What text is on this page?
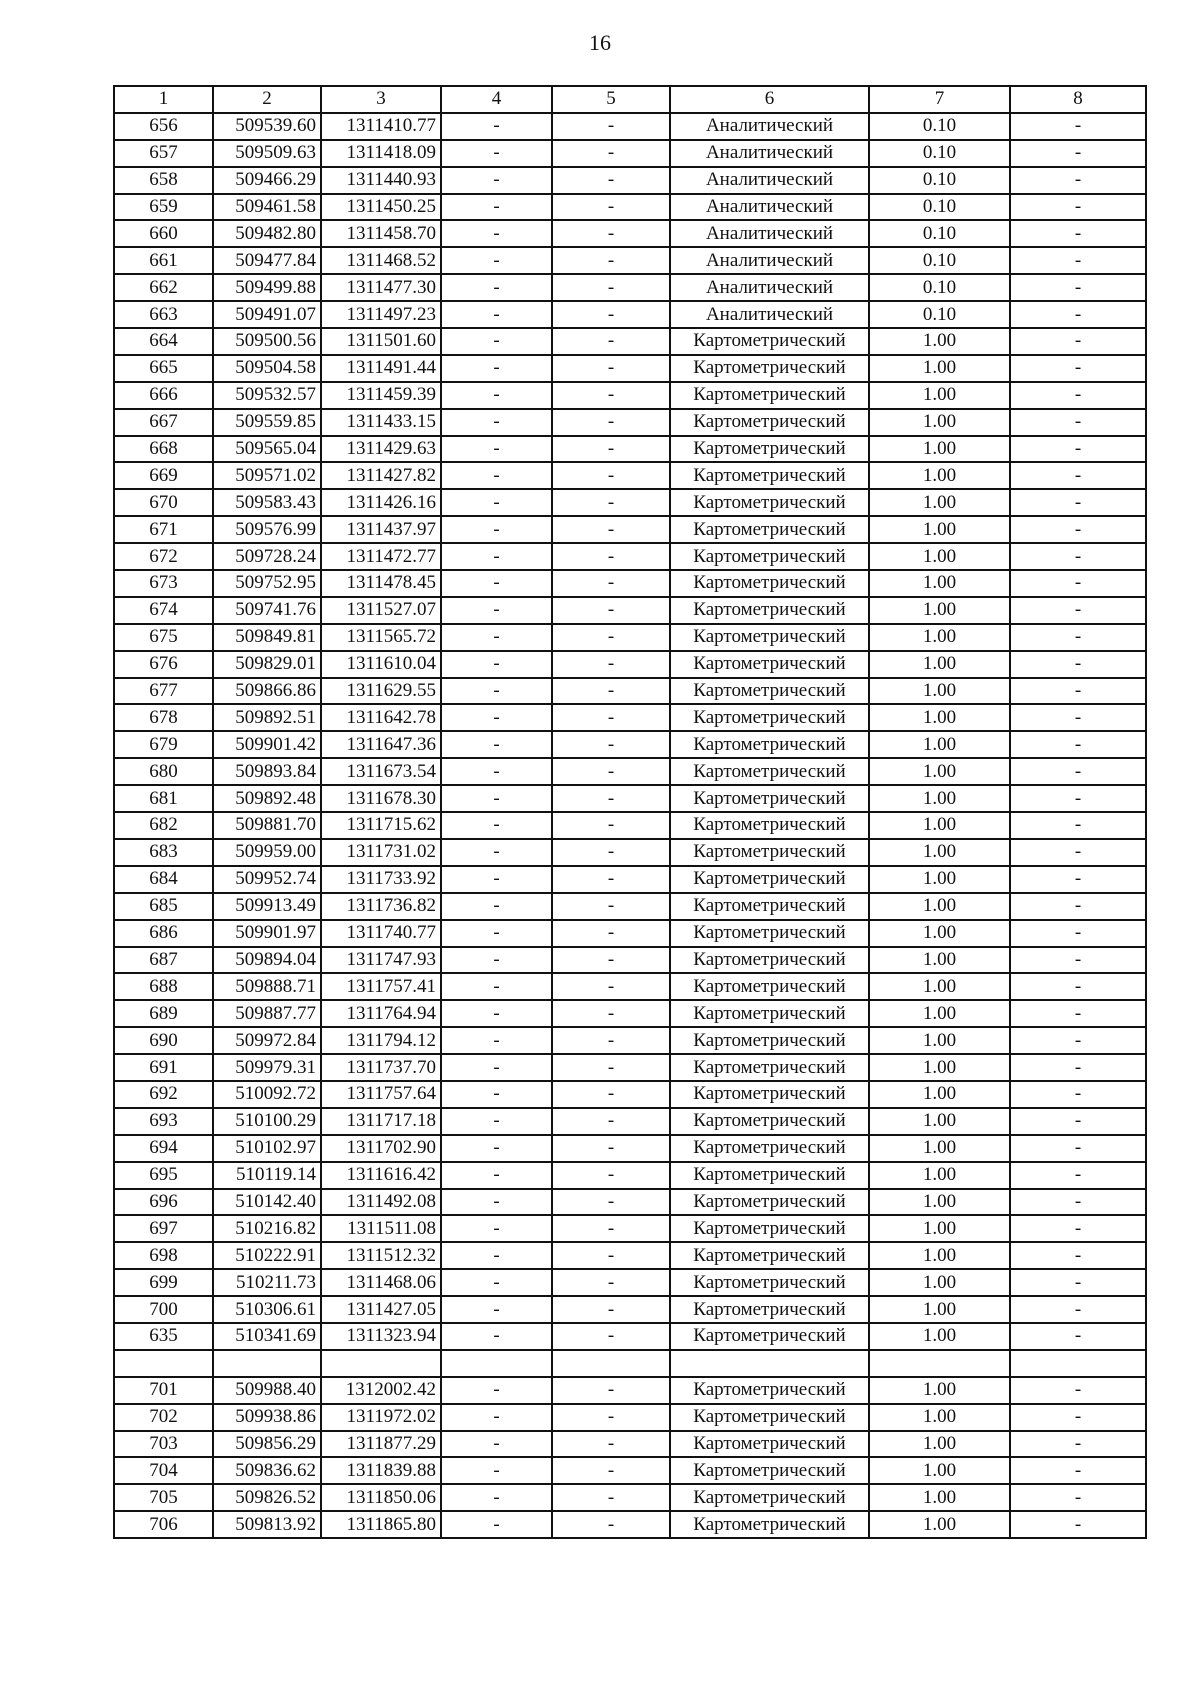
16
1	2	3	4	5	6	7	8
656	509539.60	1311410.77	-	-	Аналитический	0.10	-
657	509509.63	1311418.09	-	-	Аналитический	0.10	-
658	509466.29	1311440.93	-	-	Аналитический	0.10	-
659	509461.58	1311450.25	-	-	Аналитический	0.10	-
660	509482.80	1311458.70	-	-	Аналитический	0.10	-
661	509477.84	1311468.52	-	-	Аналитический	0.10	-
662	509499.88	1311477.30	-	-	Аналитический	0.10	-
663	509491.07	1311497.23	-	-	Аналитический	0.10	-
664	509500.56	1311501.60	-	-	Картометрический	1.00	-
665	509504.58	1311491.44	-	-	Картометрический	1.00	-
666	509532.57	1311459.39	-	-	Картометрический	1.00	-
667	509559.85	1311433.15	-	-	Картометрический	1.00	-
668	509565.04	1311429.63	-	-	Картометрический	1.00	-
669	509571.02	1311427.82	-	-	Картометрический	1.00	-
670	509583.43	1311426.16	-	-	Картометрический	1.00	-
671	509576.99	1311437.97	-	-	Картометрический	1.00	-
672	509728.24	1311472.77	-	-	Картометрический	1.00	-
673	509752.95	1311478.45	-	-	Картометрический	1.00	-
674	509741.76	1311527.07	-	-	Картометрический	1.00	-
675	509849.81	1311565.72	-	-	Картометрический	1.00	-
676	509829.01	1311610.04	-	-	Картометрический	1.00	-
677	509866.86	1311629.55	-	-	Картометрический	1.00	-
678	509892.51	1311642.78	-	-	Картометрический	1.00	-
679	509901.42	1311647.36	-	-	Картометрический	1.00	-
680	509893.84	1311673.54	-	-	Картометрический	1.00	-
681	509892.48	1311678.30	-	-	Картометрический	1.00	-
682	509881.70	1311715.62	-	-	Картометрический	1.00	-
683	509959.00	1311731.02	-	-	Картометрический	1.00	-
684	509952.74	1311733.92	-	-	Картометрический	1.00	-
685	509913.49	1311736.82	-	-	Картометрический	1.00	-
686	509901.97	1311740.77	-	-	Картометрический	1.00	-
687	509894.04	1311747.93	-	-	Картометрический	1.00	-
688	509888.71	1311757.41	-	-	Картометрический	1.00	-
689	509887.77	1311764.94	-	-	Картометрический	1.00	-
690	509972.84	1311794.12	-	-	Картометрический	1.00	-
691	509979.31	1311737.70	-	-	Картометрический	1.00	-
692	510092.72	1311757.64	-	-	Картометрический	1.00	-
693	510100.29	1311717.18	-	-	Картометрический	1.00	-
694	510102.97	1311702.90	-	-	Картометрический	1.00	-
695	510119.14	1311616.42	-	-	Картометрический	1.00	-
696	510142.40	1311492.08	-	-	Картометрический	1.00	-
697	510216.82	1311511.08	-	-	Картометрический	1.00	-
698	510222.91	1311512.32	-	-	Картометрический	1.00	-
699	510211.73	1311468.06	-	-	Картометрический	1.00	-
700	510306.61	1311427.05	-	-	Картометрический	1.00	-
635	510341.69	1311323.94	-	-	Картометрический	1.00	-

701	509988.40	1312002.42	-	-	Картометрический	1.00	-
702	509938.86	1311972.02	-	-	Картометрический	1.00	-
703	509856.29	1311877.29	-	-	Картометрический	1.00	-
704	509836.62	1311839.88	-	-	Картометрический	1.00	-
705	509826.52	1311850.06	-	-	Картометрический	1.00	-
706	509813.92	1311865.80	-	-	Картометрический	1.00	-
